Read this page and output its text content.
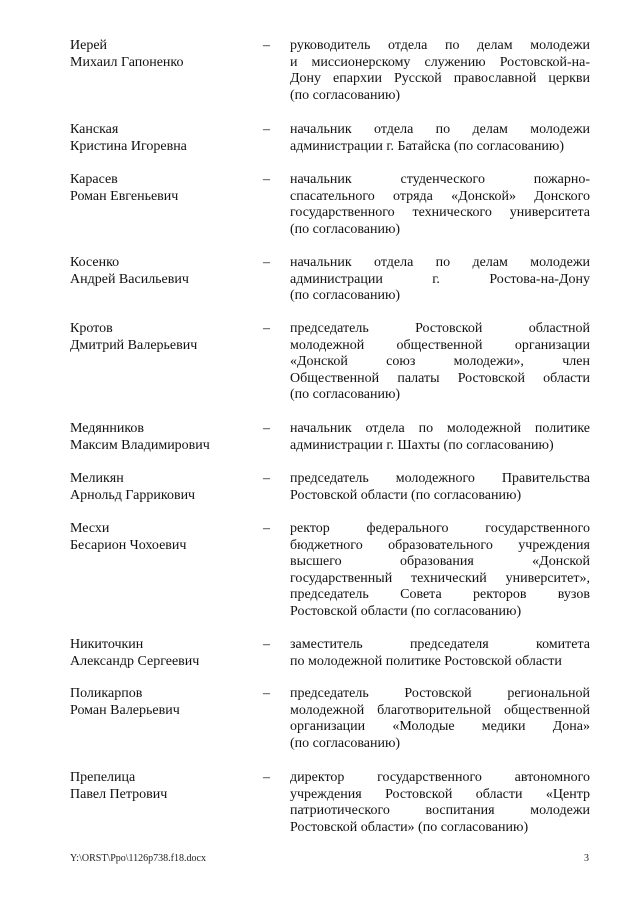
Иерей
Михаил Гапоненко
– руководитель отдела по делам молодежи
и миссионерскому служению Ростовской-на-
Дону епархии Русской православной церкви
(по согласованию)
Канская
Кристина Игоревна
– начальник отдела по делам молодежи
администрации г. Батайска (по согласованию)
Карасев
Роман Евгеньевич
– начальник студенческого пожарно-
спасательного отряда «Донской» Донского
государственного технического университета
(по согласованию)
Косенко
Андрей Васильевич
– начальник отдела по делам молодежи
администрации г. Ростова-на-Дону
(по согласованию)
Кротов
Дмитрий Валерьевич
– председатель Ростовской областной
молодежной общественной организации
«Донской союз молодежи», член
Общественной палаты Ростовской области
(по согласованию)
Медянников
Максим Владимирович
– начальник отдела по молодежной политике
администрации г. Шахты (по согласованию)
Меликян
Арнольд Гаррикович
– председатель молодежного Правительства
Ростовской области (по согласованию)
Месхи
Бесарион Чохоевич
– ректор федерального государственного
бюджетного образовательного учреждения
высшего образования «Донской
государственный технический университет»,
председатель Совета ректоров вузов
Ростовской области (по согласованию)
Никиточкин
Александр Сергеевич
– заместитель председателя комитета
по молодежной политике Ростовской области
Поликарпов
Роман Валерьевич
– председатель Ростовской региональной
молодежной благотворительной общественной
организации «Молодые медики Дона»
(по согласованию)
Препелица
Павел Петрович
– директор государственного автономного
учреждения Ростовской области «Центр
патриотического воспитания молодежи
Ростовской области» (по согласованию)
Y:\ORST\Ppo\1126p738.f18.docx	3
